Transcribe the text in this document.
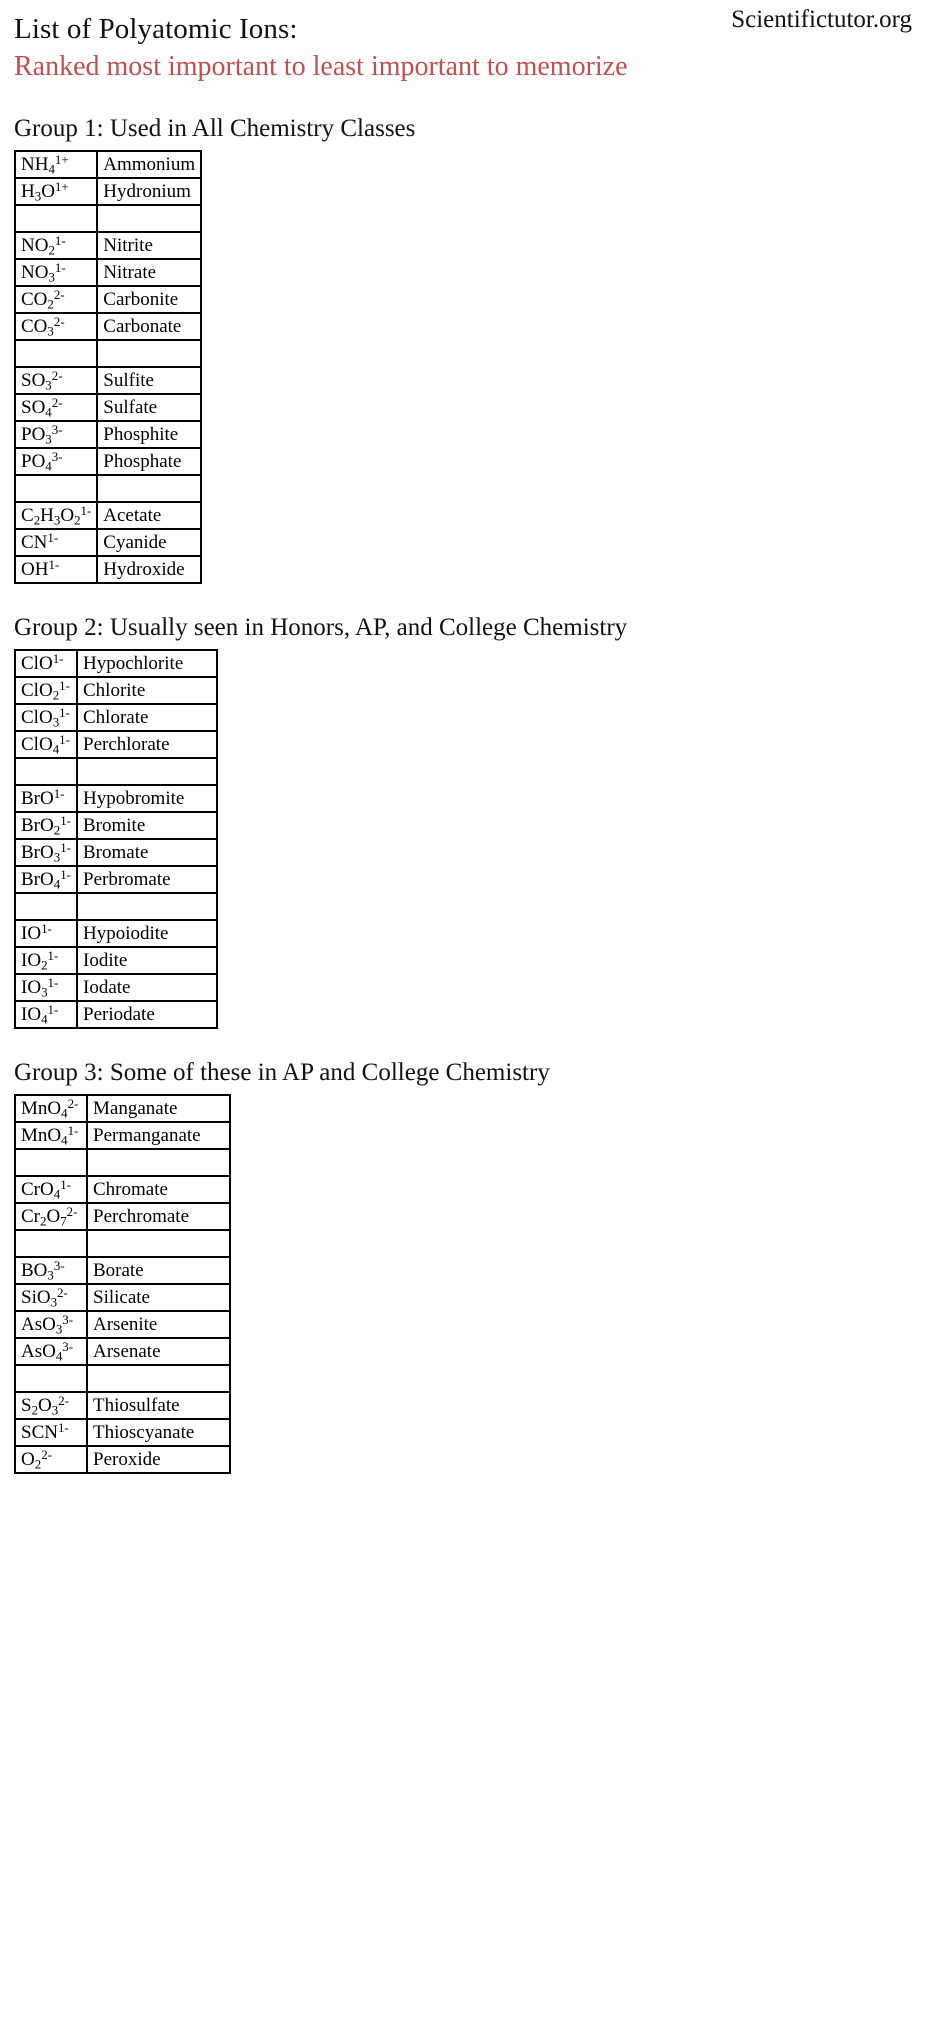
List of Polyatomic Ions:
Ranked most important to least important to memorize
Scientifictutor.org
Group 1: Used in All Chemistry Classes
$NH_4^{1+}$	Ammonium
$H_3O^{1+}$	Hydronium

$NO_2^{1-}$	Nitrite
$NO_3^{1-}$	Nitrate
$CO_2^{2-}$	Carbonite
$CO_3^{2-}$	Carbonate

$SO_3^{2-}$	Sulfite
$SO_4^{2-}$	Sulfate
$PO_3^{3-}$	Phosphite
$PO_4^{3-}$	Phosphate

$C_2H_3O_2^{1-}$	Acetate
$CN^{1-}$	Cyanide
$OH^{1-}$	Hydroxide
Group 2: Usually seen in Honors, AP, and College Chemistry
ClO$^{1-}$	Hypochlorite
ClO$_2^{1-}$	Chlorite
ClO$_3^{1-}$	Chlorate
ClO$_4^{1-}$	Perchlorate

BrO$^{1-}$	Hypobromite
BrO$_2^{1-}$	Bromite
BrO$_3^{1-}$	Bromate
BrO$_4^{1-}$	Perbromate

$IO^{1-}$	Hypoiodite
$IO_2^{1-}$	Iodite
$IO_3^{1-}$	Iodate
$IO_4^{1-}$	Periodate
Group 3: Some of these in AP and College Chemistry
MnO$_4^{2-}$	Manganate
MnO$_4^{1-}$	Permanganate

CrO$_4^{1-}$	Chromate
$Cr_2O_7^{2-}$	Perchromate

$BO_3^{3-}$	Borate
SiO$_3^{2-}$	Silicate
AsO$_3^{3-}$	Arsenite
AsO$_4^{3-}$	Arsenate

$S_2O_3^{2-}$	Thiosulfate
$SCN^{1-}$	Thioscyanate
$O_2^{2-}$	Peroxide
